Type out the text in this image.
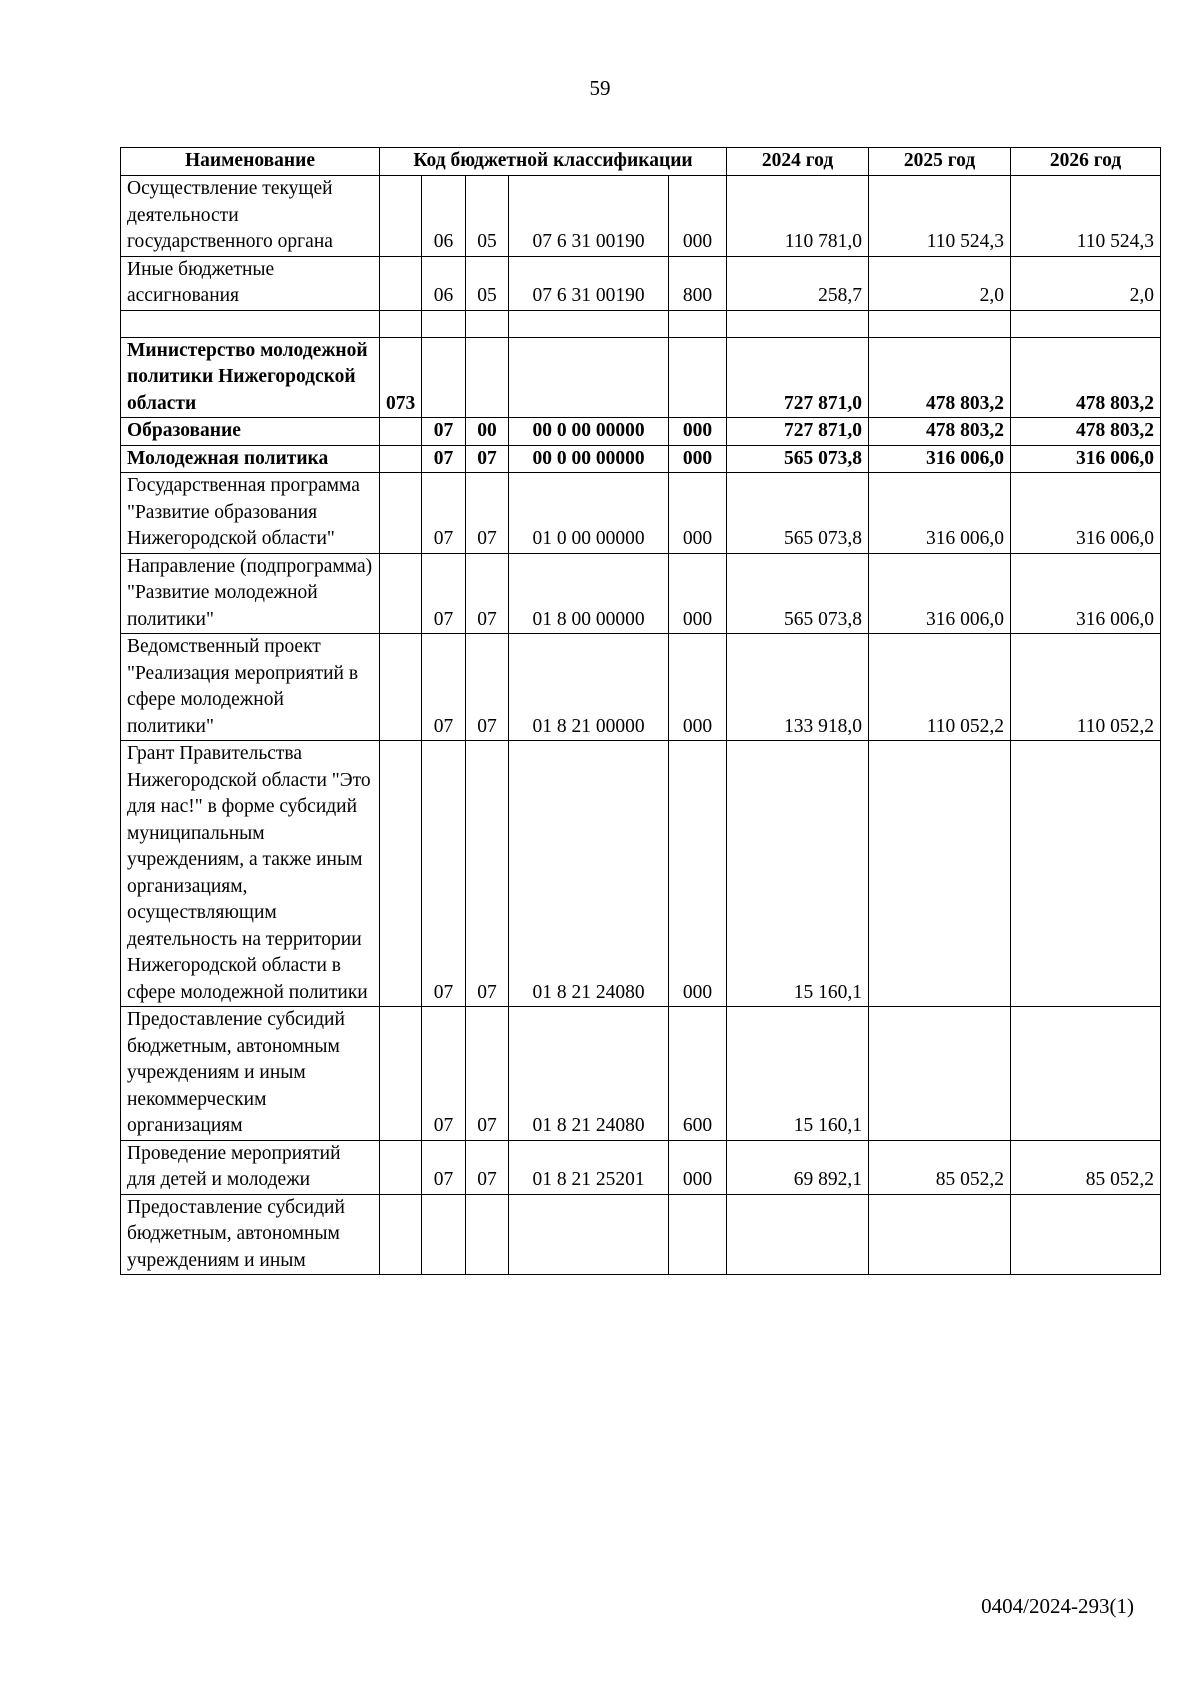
59
Наименование	Код бюджетной классификации					2024 год	2025 год	2026 год
Осуществление текущей деятельности государственного органа		06	05	07 6 31 00190	000	110 781,0	110 524,3	110 524,3
Иные бюджетные ассигнования		06	05	07 6 31 00190	800	258,7	2,0	2,0

Министерство молодежной политики Нижегородской области	073					727 871,0	478 803,2	478 803,2
Образование		07	00	00 0 00 00000	000	727 871,0	478 803,2	478 803,2
Молодежная политика		07	07	00 0 00 00000	000	565 073,8	316 006,0	316 006,0
Государственная программа "Развитие образования Нижегородской области"		07	07	01 0 00 00000	000	565 073,8	316 006,0	316 006,0
Направление (подпрограмма) "Развитие молодежной политики"		07	07	01 8 00 00000	000	565 073,8	316 006,0	316 006,0
Ведомственный проект "Реализация мероприятий в сфере молодежной политики"		07	07	01 8 21 00000	000	133 918,0	110 052,2	110 052,2
Грант Правительства Нижегородской области "Это для нас!" в форме субсидий муниципальным учреждениям, а также иным организациям, осуществляющим деятельность на территории Нижегородской области в сфере молодежной политики		07	07	01 8 21 24080	000	15 160,1		
Предоставление субсидий бюджетным, автономным учреждениям и иным некоммерческим организациям		07	07	01 8 21 24080	600	15 160,1		
Проведение мероприятий для детей и молодежи		07	07	01 8 21 25201	000	69 892,1	85 052,2	85 052,2
Предоставление субсидий бюджетным, автономным учреждениям и иным								
0404/2024-293(1)
